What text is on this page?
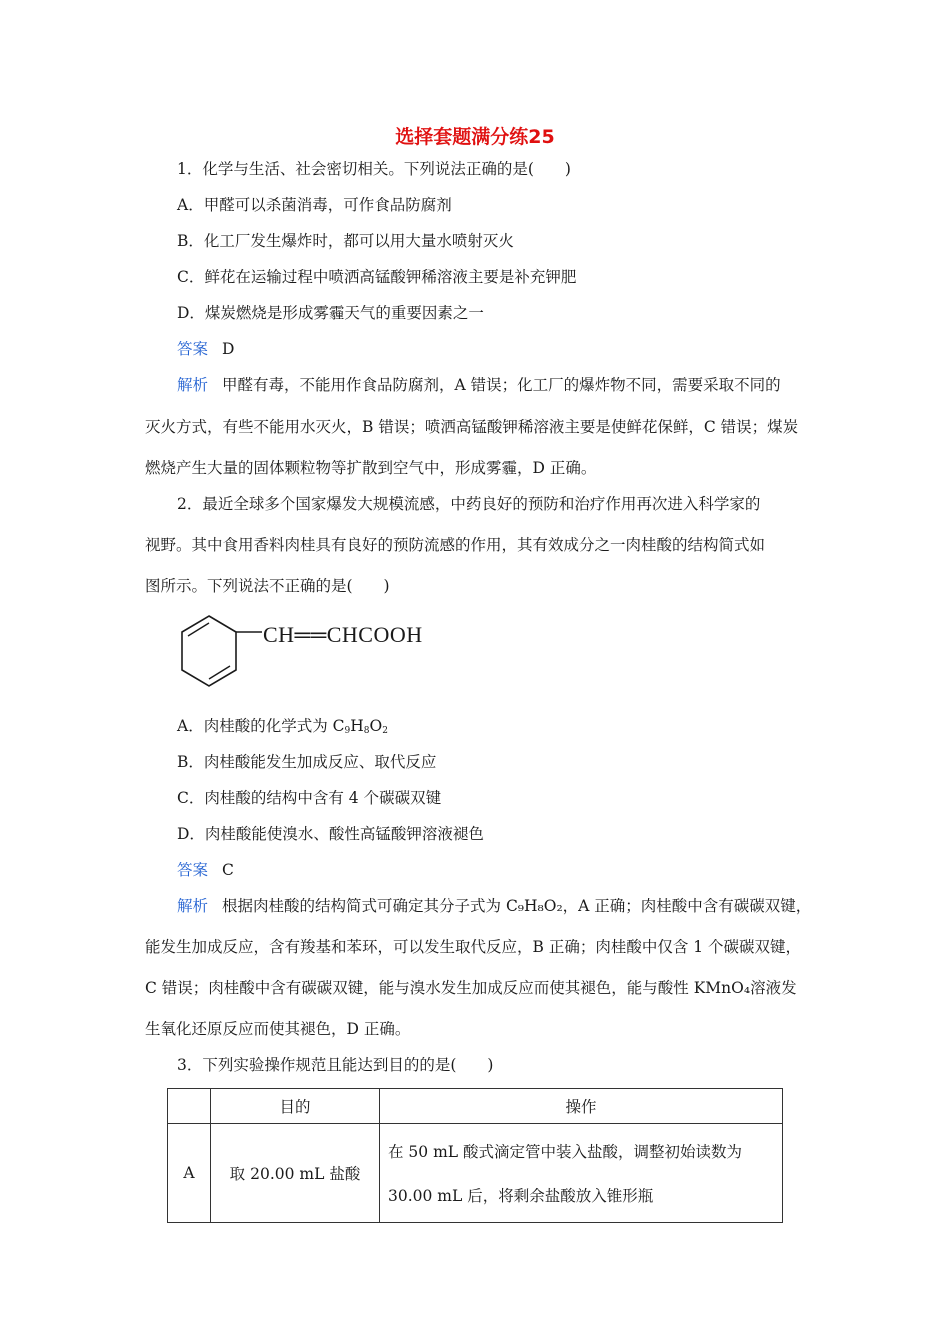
选择套题满分练25
1．化学与生活、社会密切相关。下列说法正确的是(　　)
A．甲醛可以杀菌消毒，可作食品防腐剂
B．化工厂发生爆炸时，都可以用大量水喷射灭火
C．鲜花在运输过程中喷洒高锰酸钾稀溶液主要是补充钾肥
D．煤炭燃烧是形成雾霾天气的重要因素之一
答案 D
解析 甲醛有毒，不能用作食品防腐剂，A 错误；化工厂的爆炸物不同，需要采取不同的
灭火方式，有些不能用水灭火，B 错误；喷洒高锰酸钾稀溶液主要是使鲜花保鲜，C 错误；煤炭
燃烧产生大量的固体颗粒物等扩散到空气中，形成雾霾，D 正确。
2．最近全球多个国家爆发大规模流感，中药良好的预防和治疗作用再次进入科学家的
视野。其中食用香料肉桂具有良好的预防流感的作用，其有效成分之一肉桂酸的结构简式如
图所示。下列说法不正确的是(　　)
CH══CHCOOH
A．肉桂酸的化学式为 $C_9H_8O_2$
B．肉桂酸能发生加成反应、取代反应
C．肉桂酸的结构中含有 4 个碳碳双键
D．肉桂酸能使溴水、酸性高锰酸钾溶液褪色
答案 C
解析 根据肉桂酸的结构简式可确定其分子式为 C₉H₈O₂，A 正确；肉桂酸中含有碳碳双键，
能发生加成反应，含有羧基和苯环，可以发生取代反应，B 正确；肉桂酸中仅含 1 个碳碳双键，
C 错误；肉桂酸中含有碳碳双键，能与溴水发生加成反应而使其褪色，能与酸性 KMnO₄溶液发
生氧化还原反应而使其褪色，D 正确。
3．下列实验操作规范且能达到目的的是(　　)
	目的	操作
A	取 20.00 mL 盐酸	在 50 mL 酸式滴定管中装入盐酸，调整初始读数为
30.00 mL 后，将剩余盐酸放入锥形瓶
